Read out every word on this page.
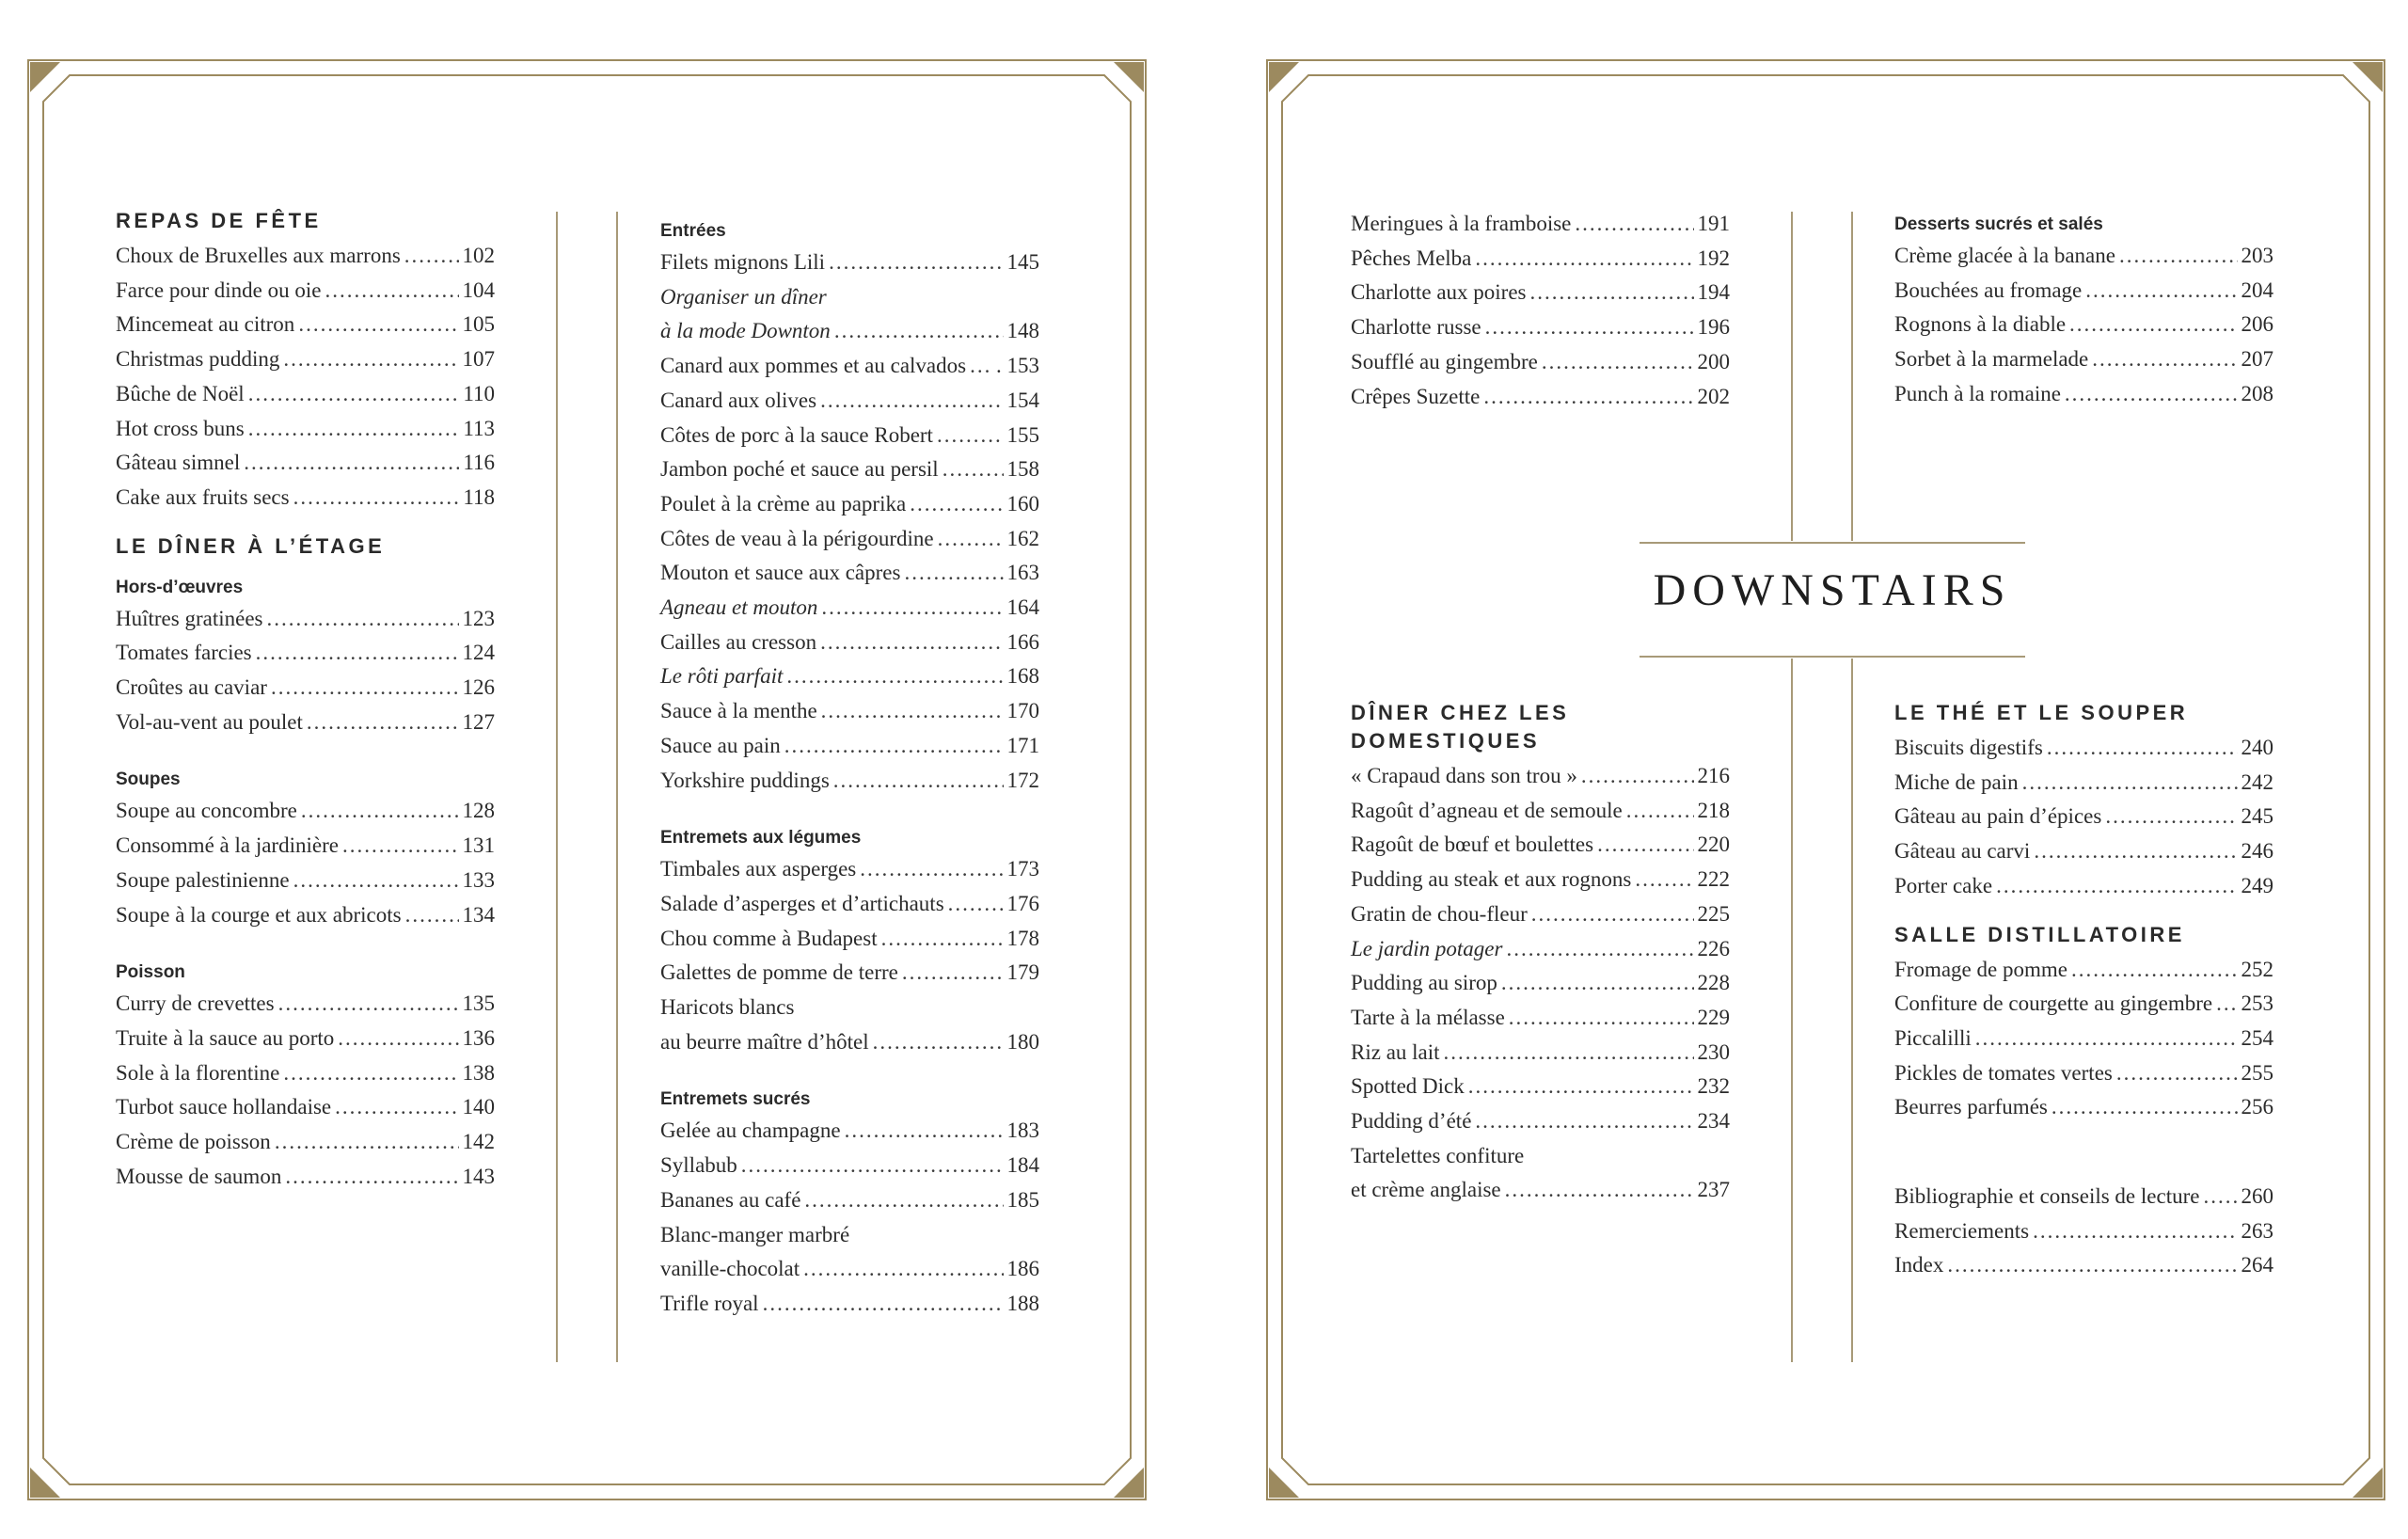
REPAS DE FÊTE
Choux de Bruxelles aux marrons .....	102
Farce pour dinde ou oie .....	104
Mincemeat au citron .....	105
Christmas pudding .....	107
Bûche de Noël .....	110
Hot cross buns .....	113
Gâteau simnel .....	116
Cake aux fruits secs .....	118
LE DÎNER À L’ÉTAGE
Hors-d’œuvres
Huîtres gratinées .....	123
Tomates farcies .....	124
Croûtes au caviar .....	126
Vol-au-vent au poulet .....	127
Soupes
Soupe au concombre .....	128
Consommé à la jardinière .....	131
Soupe palestinienne .....	133
Soupe à la courge et aux abricots .....	134
Poisson
Curry de crevettes .....	135
Truite à la sauce au porto .....	136
Sole à la florentine .....	138
Turbot sauce hollandaise .....	140
Crème de poisson .....	142
Mousse de saumon .....	143
Entrées
Filets mignons Lili .....	145
Organiser un dîner
à la mode Downton .....	148
Canard aux pommes et au calvados ..... . 153
Canard aux olives .....	154
Côtes de porc à la sauce Robert .....	155
Jambon poché et sauce au persil .....	158
Poulet à la crème au paprika .....	160
Côtes de veau à la périgourdine .....	162
Mouton et sauce aux câpres .....	163
Agneau et mouton .....	164
Cailles au cresson .....	166
Le rôti parfait .....	168
Sauce à la menthe .....	170
Sauce au pain .....	171
Yorkshire puddings .....	172
Entremets aux légumes
Timbales aux asperges .....	173
Salade d’asperges et d’artichauts .....	176
Chou comme à Budapest .....	178
Galettes de pomme de terre .....	179
Haricots blancs
au beurre maître d’hôtel .....	180
Entremets sucrés
Gelée au champagne .....	183
Syllabub .....	184
Bananes au café .....	185
Blanc-manger marbré
vanille-chocolat .....	186
Trifle royal .....	188
DOWNSTAIRS
Meringues à la framboise .....	191
Pêches Melba .....	192
Charlotte aux poires .....	194
Charlotte russe .....	196
Soufflé au gingembre .....	200
Crêpes Suzette .....	202
Desserts sucrés et salés
Crème glacée à la banane .....	203
Bouchées au fromage .....	204
Rognons à la diable .....	206
Sorbet à la marmelade .....	207
Punch à la romaine .....	208
DÎNER CHEZ LES DOMESTIQUES
« Crapaud dans son trou » .....	216
Ragoût d’agneau et de semoule .....	218
Ragoût de bœuf et boulettes .....	220
Pudding au steak et aux rognons .....	222
Gratin de chou-fleur .....	225
Le jardin potager .....	226
Pudding au sirop .....	228
Tarte à la mélasse .....	229
Riz au lait .....	230
Spotted Dick .....	232
Pudding d’été .....	234
Tartelettes confiture
et crème anglaise .....	237
LE THÉ ET LE SOUPER
Biscuits digestifs .....	240
Miche de pain .....	242
Gâteau au pain d’épices .....	245
Gâteau au carvi .....	246
Porter cake .....	249
SALLE DISTILLATOIRE
Fromage de pomme .....	252
Confiture de courgette au gingembre ..... 253
Piccalilli .....	254
Pickles de tomates vertes .....	255
Beurres parfumés .....	256
Bibliographie et conseils de lecture ..... 260
Remerciements .....	263
Index .....	264
